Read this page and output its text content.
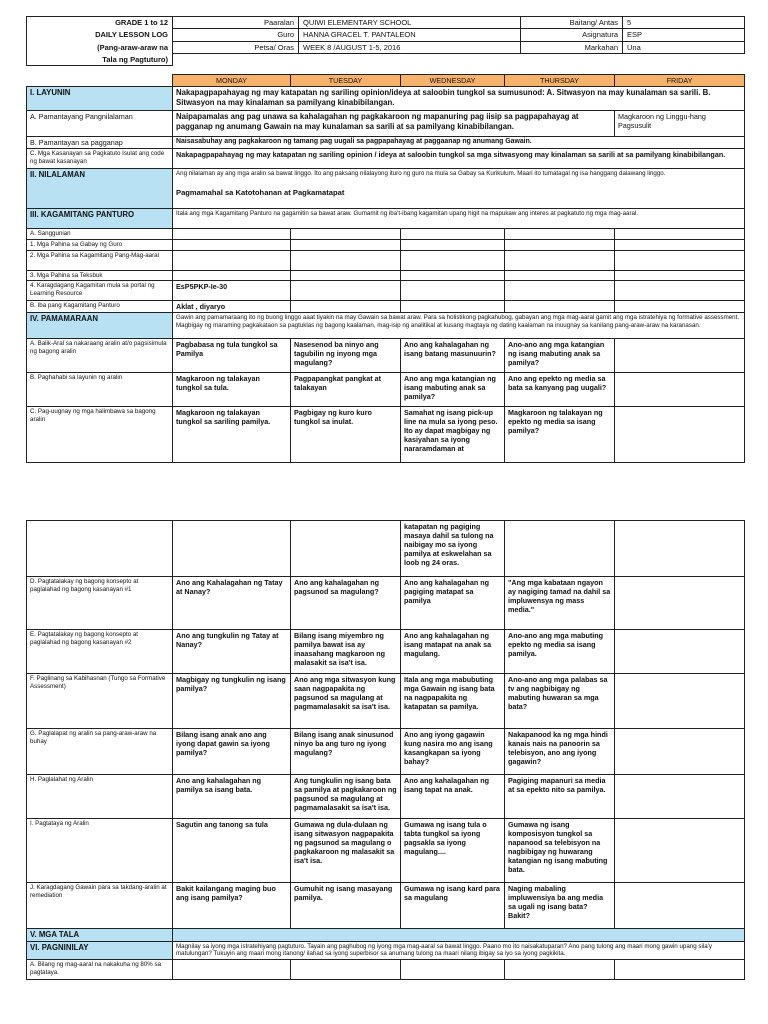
GRADE 1 to 12	Paaralan	QUIWI ELEMENTARY SCHOOL	Baitang/ Antas	5
DAILY LESSON LOG	Guro	HANNA GRACEL T. PANTALEON	Asignatura	ESP
(Pang-araw-araw na	Petsa/ Oras	WEEK 8 /AUGUST 1-5, 2016	Markahan	Una
Tala ng Pagtuturo)				
	MONDAY	TUESDAY	WEDNESDAY	THURSDAY	FRIDAY
I. LAYUNIN	Nakapagpapahayag ng may katapatan ng sariling opinion/ideya at saloobin tungkol sa sumusunod: A. Sitwasyon na may kunalaman sa sarili. B. Sitwasyon na may kinalaman sa pamilyang kinabibilangan.				
A. Pamantayang Pangnilalaman	Naipapamalas ang pag unawa sa kahalagahan ng pagkakaroon ng mapanuring pag iisip sa pagpapahayag at pagganap ng anumang Gawain na may kunalaman sa sarili at sa pamilyang kinabibilangan.				Magkaroon ng Linggu-hang Pagsusulit
B. Pamantayan sa pagganap	Naisasabuhay ang pagkakaroon ng tamang pag uugali sa pagpapahayag at paggaanap ng anumang Gawain.				
C. Mga Kasanayan sa Pagkatuto Isulat ang code ng bawat kasanayan	Nakapagpapahayag ng may katapatan ng sariling opinion / ideya at saloobin tungkol sa mga sitwasyong may kinalaman sa sarili at sa pamilyang kinabibilangan.				
II. NILALAMAN	Ang nilalaman ay ang mga aralin sa bawat linggo. Ito ang paksang nilalayong ituro ng guro na mula sa Gabay sa Kurikulum. Maari ito tumatagal ng isa hanggang dalawang linggo.
Pagmamahal sa Katotohanan at Pagkamatapat				

III. KAGAMITANG PANTURO	Itala ang mga Kagamitang Panturo na gagamitin sa bawat araw. Gumamit ng iba't-ibang kagamitan upang higit na mapukaw ang interes at pagkatuto ng mga mag-aaral.				
A. Sanggunian					
1. Mga Pahina sa Gabay ng Guro					
2. Mga Pahina sa Kagamitang Pang-Mag-aaral					
3. Mga Pahina sa Teksbuk					
4. Karagdagang Kagamitan mula sa portal ng Learning Resource	EsP5PKP-Ie-30				
B. Iba pang Kagamitang Panturo	Aklat , diyaryo				
IV. PAMAMARAAN	Gawin ang pamamaraang ito ng buong linggo aaat tiyakin na may Gawain sa bawat araw. Para sa holistikong pagkahubog, gabayan ang mga mag-aaral gamit ang mga istratehiya ng formative assessment. Magbigay ng maraming pagkakataon sa pagtuklas ng bagong kaalaman, mag-isip ng analitikal at kusang magtaya ng dating kaalaman na inuugnay sa kanilang pang-araw-araw na karanasan.				
A. Balik-Aral sa nakaraang aralin at/o pagsisimula ng bagong aralin	Pagbabasa ng tula tungkol sa Pamilya	Nasesenod ba ninyo ang tagubilin ng inyong mga magulang?	Ano ang kahalagahan ng isang batang masunuurin?	Ano-ano ang mga katangian ng isang mabuting anak sa pamilya?	
B. Paghahabi sa layunin ng aralin	Magkaroon ng talakayan tungkol sa tula.	Pagpapangkat pangkat at talakayan	Ano ang mga katangian ng isang mabuting anak sa pamilya?	Ano ang epekto ng media sa bata sa kanyang pag uugali?	
C. Pag-uugnay ng mga halimbawa sa bagong aralin	Magkaroon ng talakayan tungkol sa sariling pamilya.	Pagbigay ng kuro kuro tungkol sa inulat.	Samahat ng isang pick-up line na mula sa iyong peso. Ito ay dapat magbigay ng kasiyahan sa iyong nararamdaman at	Magkaroon ng talakayan ng epekto ng media sa isang pamilya?	
			katapatan ng pagiging masaya dahil sa tulong na naibigay mo sa iyong pamilya at eskwelahan sa loob ng 24 oras.		
D. Pagtatalakay ng bagong konsepto at paglalahad ng bagong kasanayan #1	Ano ang Kahalagahan ng Tatay at Nanay?	Ano ang kahalagahan ng pagsunod sa magulang?	Ano ang kahalagahan ng pagiging matapat sa pamilya	"Ang mga kabataan ngayon ay nagiging tamad na dahil sa impluwensya ng mass media."	
E. Pagtatalakay ng bagong konsepto at paglalahad ng bagong kasanayan #2	Ano ang tungkulin ng Tatay at Nanay?	Bilang isang miyembro ng pamilya bawat isa ay inaasahang magkaroon ng malasakit sa isa't isa.	Ano ang kahalagahan ng isang matapat na anak sa magulang.	Ano-ano ang mga mabuting epekto ng media sa isang pamilya.	
F. Paglinang sa Kabihasnan (Tungo sa Formative Assessment)	Magbigay ng tungkulin ng isang pamilya?	Ano ang mga sitwasyon kung saan nagpapakita ng pagsunod sa magulang at pagmamalasakit sa isa't isa.	Itala ang mga mabubuting mga Gawain ng isang bata na nagpapakita ng katapatan sa pamilya.	Ano-ano ang mga palabas sa tv ang nagbibigay ng mabuting huwaran sa mga bata?	
G. Paglalapat ng aralin sa pang-araw-araw na buhay	Bilang isang anak ano ang iyong dapat gawin sa iyong pamilya?	Bilang isang anak sinusunod ninyo ba ang turo ng iyong magulang?	Ano ang iyong gagawin kung nasira mo ang isang kasangkapan sa iyong bahay?	Nakapanood ka ng mga hindi kanais nais na panoorin sa telebisyon, ano ang iyong gagawin?	
H. Paglalahat ng Aralin	Ano ang kahalagahan ng pamilya sa isang bata.	Ang tungkulin ng isang bata sa pamilya at pagkakaroon ng pagsunod sa magulang at pagmamalasakit sa isa't isa.	Ano ang kahalagahan ng isang tapat na anak.	Pagiging mapanuri sa media at sa epekto nito sa pamilya.	
I. Pagtataya ng Aralin	Sagutin ang tanong sa tula	Gumawa ng dula-dulaan ng isang sitwasyon nagpapakita ng pagsunod sa magulang o pagkakaroon ng malasakit sa isa't isa.	Gumawa ng isang tula o tabta tungkol sa iyong pagsakla sa iyong magulang....	Gumawa ng isang komposisyon tungkol sa napanood sa telebisyon na nagbibigay ng huwarang katangian ng isang mabuting bata.	
J. Karagdagang Gawain para sa takdang-aralin at remediation	Bakit kailangang maging buo ang isang pamilya?	Gumuhit ng isang masayang pamilya.	Gumawa ng isang kard para sa magulang	Naging mabaling impluwensiya ba ang media sa ugali ng isang bata? Bakit?	
V. MGA TALA					
VI. PAGNINILAY	Magnilay sa iyong mga istratehiyang pagtuturo. Tayain ang paghubog ng iyong mga mag-aaral sa bawat linggo. Paano mo ito naisakatuparan? Ano pang tulong ang maari mong gawin upang sila'y matulungan? Tukuyin ang maari mong itanong/ ilahad sa iyong superbisor sa anumang tulong na maari nilang ibigay sa iyo sa iyong pagkikita.				
A. Bilang ng mag-aaral na nakakuha ng 80% sa pagtataya.					
